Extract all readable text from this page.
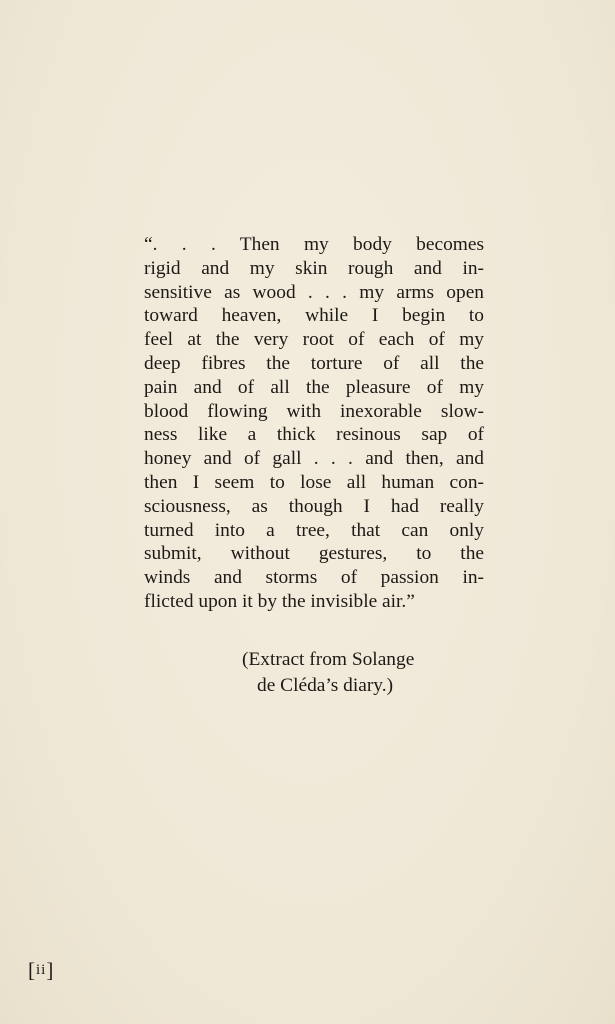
“. . . Then my body becomes
rigid and my skin rough and in-
sensitive as wood . . . my arms open
toward heaven, while I begin to
feel at the very root of each of my
deep fibres the torture of all the
pain and of all the pleasure of my
blood flowing with inexorable slow-
ness like a thick resinous sap of
honey and of gall . . . and then, and
then I seem to lose all human con-
sciousness, as though I had really
turned into a tree, that can only
submit, without gestures, to the
winds and storms of passion in-
flicted upon it by the invisible air.”
(Extract from Solange
de Cléda’s diary.)
[ii]
